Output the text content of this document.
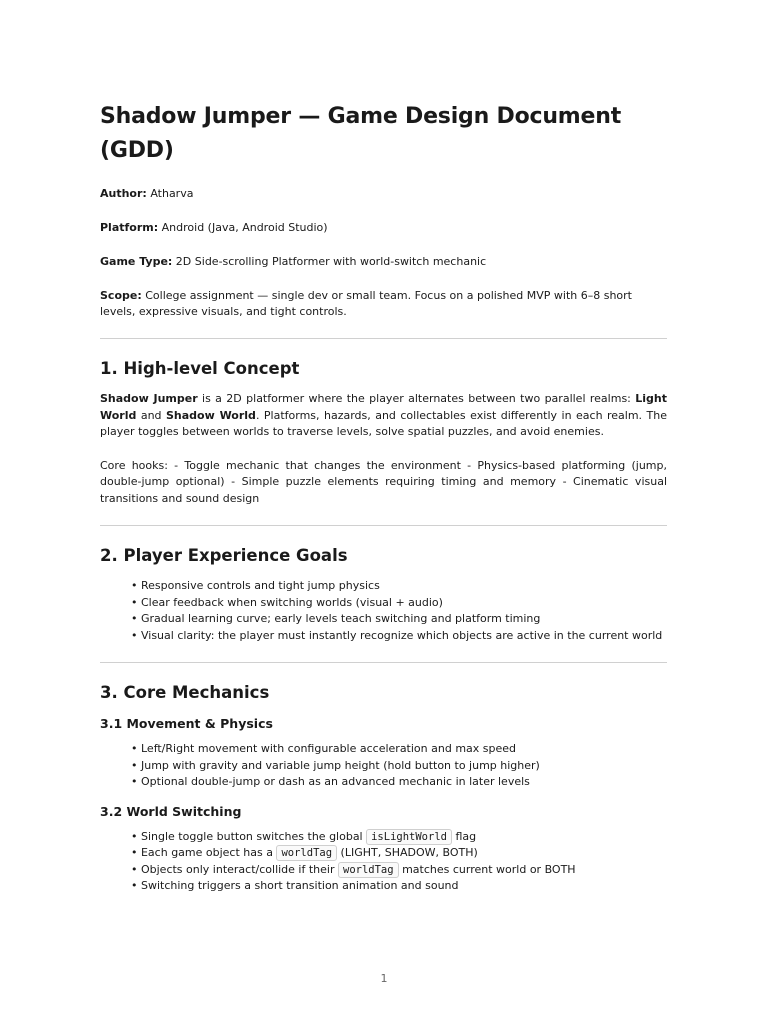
Shadow Jumper — Game Design Document (GDD)

Author: Atharva

Platform: Android (Java, Android Studio)

Game Type: 2D Side-scrolling Platformer with world-switch mechanic

Scope: College assignment — single dev or small team. Focus on a polished MVP with 6–8 short levels, expressive visuals, and tight controls.

1. High-level Concept

Shadow Jumper is a 2D platformer where the player alternates between two parallel realms: Light World and Shadow World. Platforms, hazards, and collectables exist differently in each realm. The player toggles between worlds to traverse levels, solve spatial puzzles, and avoid enemies.

Core hooks: - Toggle mechanic that changes the environment - Physics-based platforming (jump, double-jump optional) - Simple puzzle elements requiring timing and memory - Cinematic visual transitions and sound design

2. Player Experience Goals
• Responsive controls and tight jump physics
• Clear feedback when switching worlds (visual + audio)
• Gradual learning curve; early levels teach switching and platform timing
• Visual clarity: the player must instantly recognize which objects are active in the current world
3. Core Mechanics
3.1 Movement & Physics
• Left/Right movement with configurable acceleration and max speed
• Jump with gravity and variable jump height (hold button to jump higher)
• Optional double-jump or dash as an advanced mechanic in later levels
3.2 World Switching
• Single toggle button switches the global isLightWorld flag
• Each game object has a worldTag (LIGHT, SHADOW, BOTH)
• Objects only interact/collide if their worldTag matches current world or BOTH
• Switching triggers a short transition animation and sound
1
